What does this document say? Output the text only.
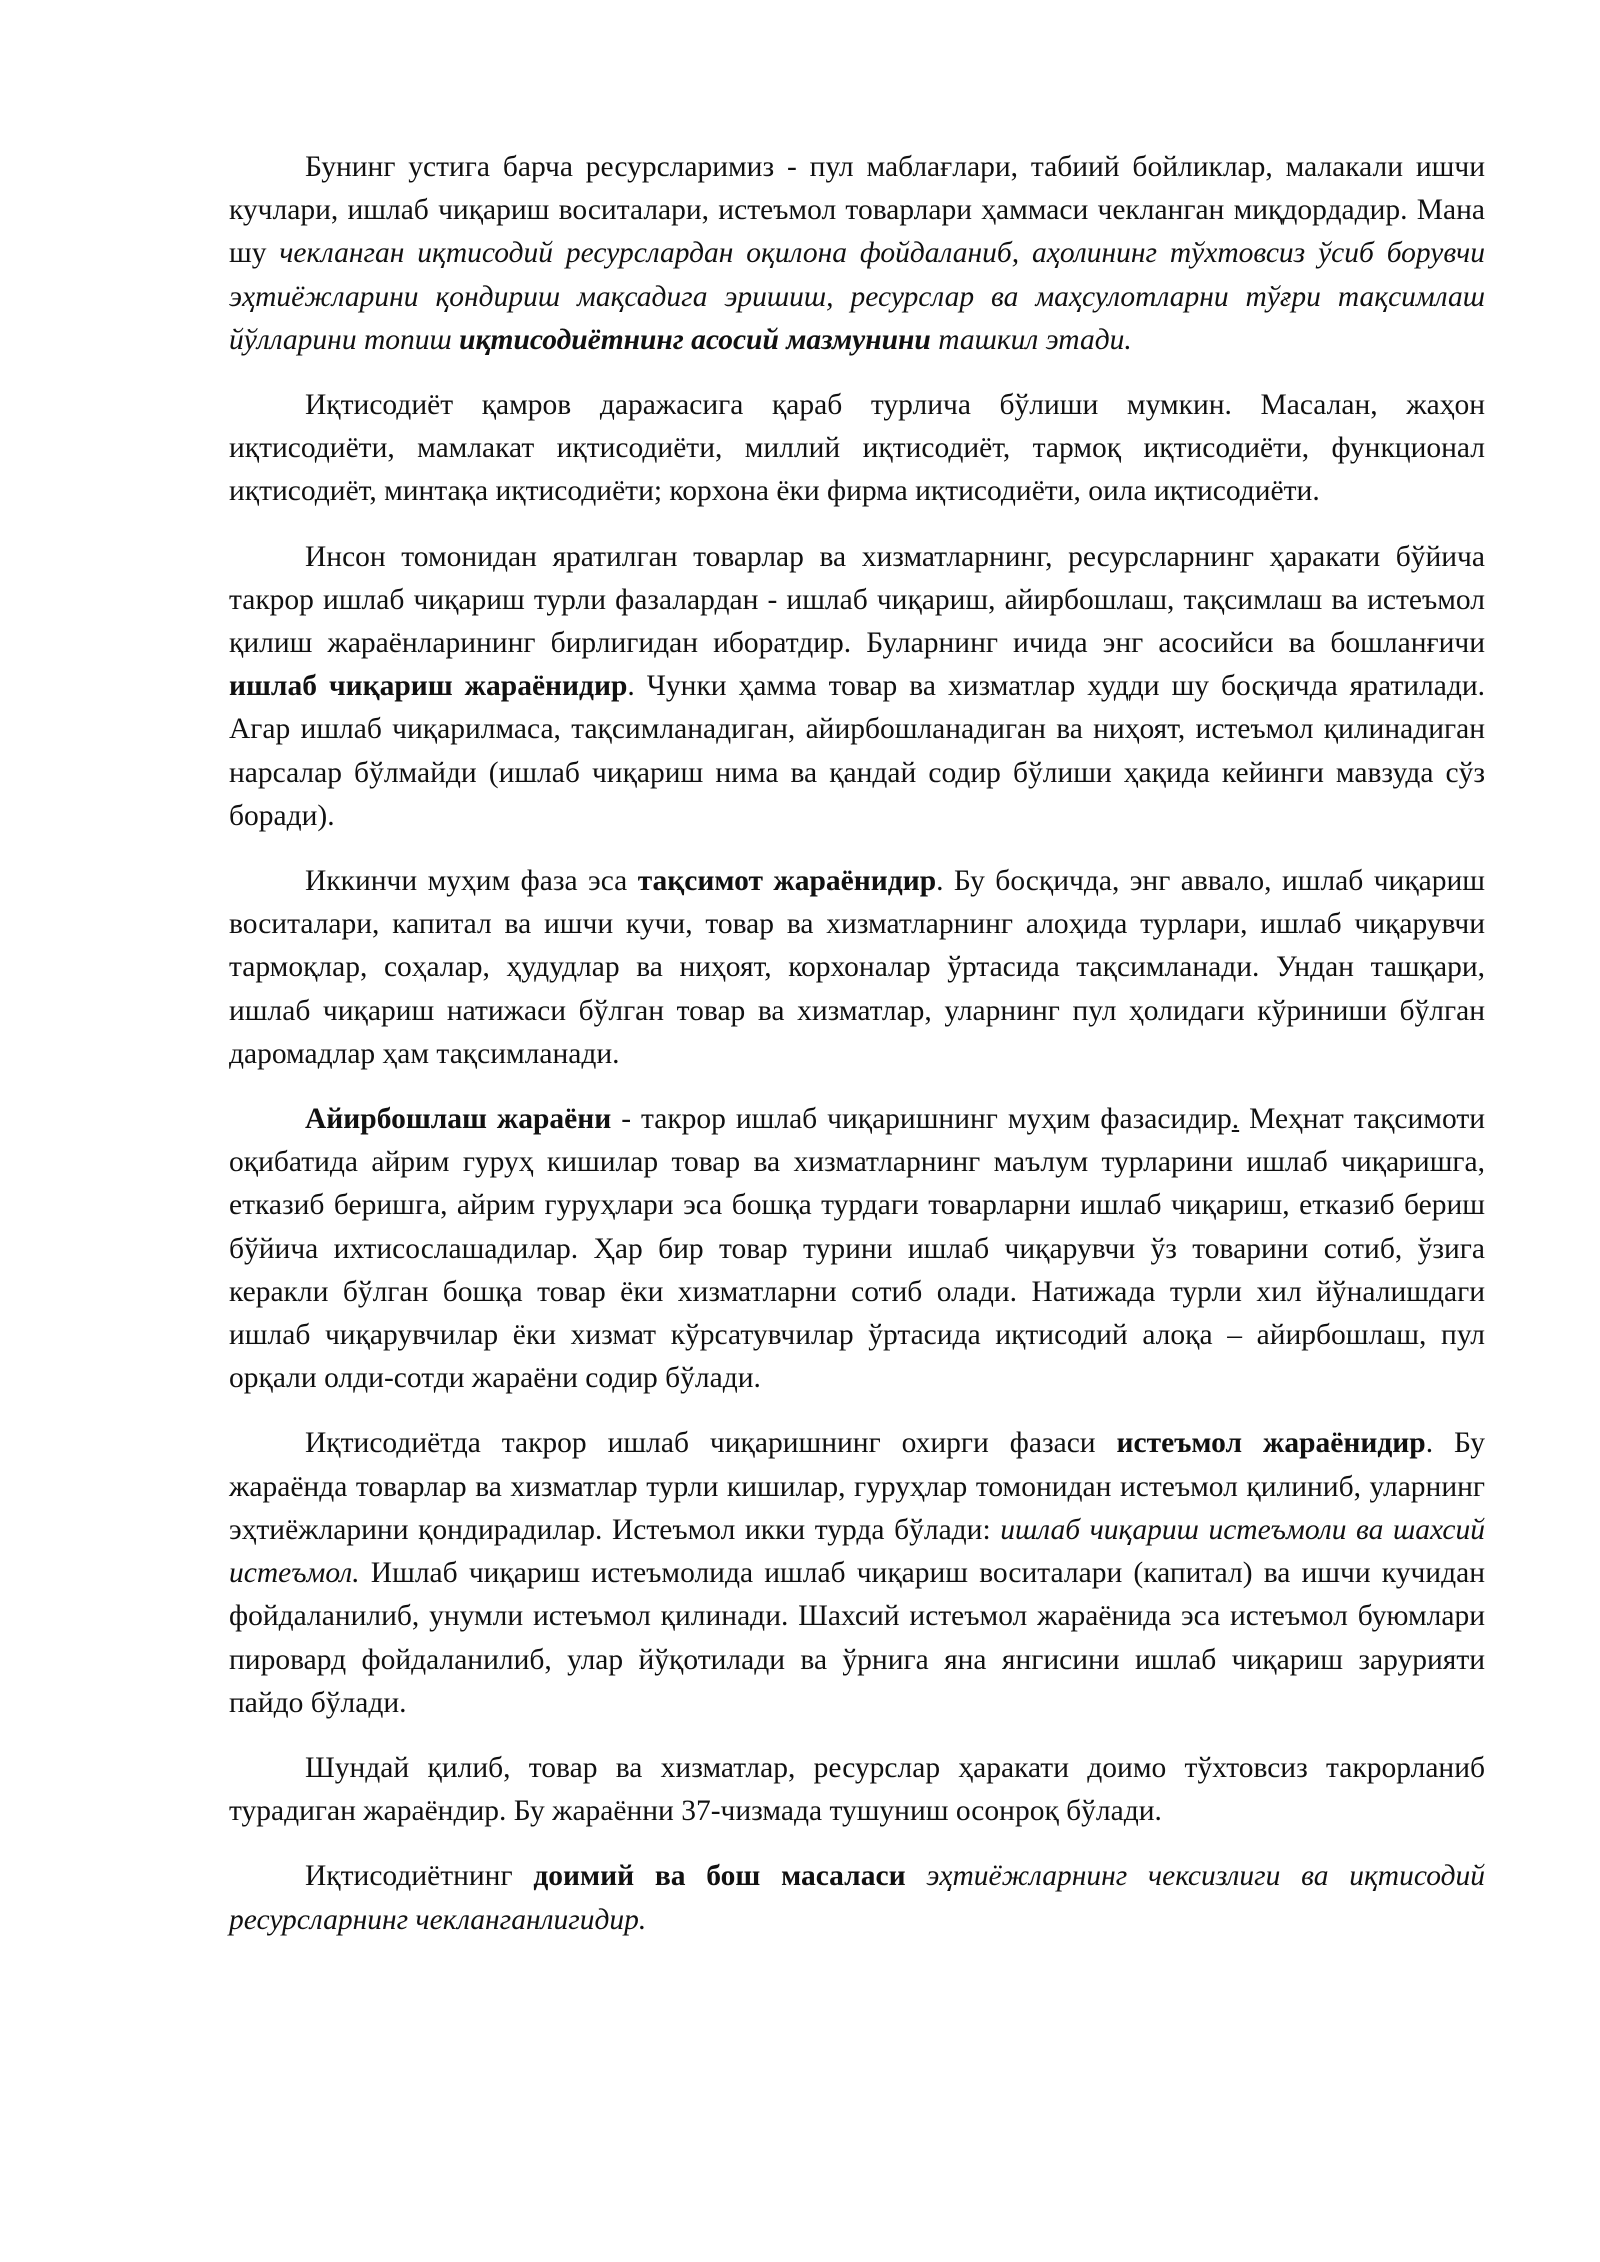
Бунинг устига барча ресурсларимиз - пул маблағлари, табиий бойликлар, малакали ишчи кучлари, ишлаб чиқариш воситалари, истеъмол товарлари ҳаммаси чекланган миқдордадир. Мана шу чекланган иқтисодий ресурслардан оқилона фойдаланиб, аҳолининг тўхтовсиз ўсиб борувчи эҳтиёжларини қондириш мақсадига эришиш, ресурслар ва маҳсулотларни тўғри тақсимлаш йўлларини топиш иқтисодиётнинг асосий мазмунини ташкил этади.

Иқтисодиёт қамров даражасига қараб турлича бўлиши мумкин. Масалан, жаҳон иқтисодиёти, мамлакат иқтисодиёти, миллий иқтисодиёт, тармоқ иқтисодиёти, функционал иқтисодиёт, минтақа иқтисодиёти; корхона ёки фирма иқтисодиёти, оила иқтисодиёти.

Инсон томонидан яратилган товарлар ва хизматларнинг, ресурсларнинг ҳаракати бўйича такрор ишлаб чиқариш турли фазалардан - ишлаб чиқариш, айирбошлаш, тақсимлаш ва истеъмол қилиш жараёнларининг бирлигидан иборатдир. Буларнинг ичида энг асосийси ва бошланғичи ишлаб чиқариш жараёнидир. Чунки ҳамма товар ва хизматлар худди шу босқичда яратилади. Агар ишлаб чиқарилмаса, тақсимланадиган, айирбошланадиган ва ниҳоят, истеъмол қилинадиган нарсалар бўлмайди (ишлаб чиқариш нима ва қандай содир бўлиши ҳақида кейинги мавзуда сўз боради).

Иккинчи муҳим фаза эса тақсимот жараёнидир. Бу босқичда, энг аввало, ишлаб чиқариш воситалари, капитал ва ишчи кучи, товар ва хизматларнинг алоҳида турлари, ишлаб чиқарувчи тармоқлар, соҳалар, ҳудудлар ва ниҳоят, корхоналар ўртасида тақсимланади. Ундан ташқари, ишлаб чиқариш натижаси бўлган товар ва хизматлар, уларнинг пул ҳолидаги кўриниши бўлган даромадлар ҳам тақсимланади.

Айирбошлаш жараёни - такрор ишлаб чиқаришнинг муҳим фазасидир. Меҳнат тақсимоти оқибатида айрим гуруҳ кишилар товар ва хизматларнинг маълум турларини ишлаб чиқаришга, етказиб беришга, айрим гуруҳлари эса бошқа турдаги товарларни ишлаб чиқариш, етказиб бериш бўйича ихтисослашадилар. Ҳар бир товар турини ишлаб чиқарувчи ўз товарини сотиб, ўзига керакли бўлган бошқа товар ёки хизматларни сотиб олади. Натижада турли хил йўналишдаги ишлаб чиқарувчилар ёки хизмат кўрсатувчилар ўртасида иқтисодий алоқа – айирбошлаш, пул орқали олди-сотди жараёни содир бўлади.

Иқтисодиётда такрор ишлаб чиқаришнинг охирги фазаси истеъмол жараёнидир. Бу жараёнда товарлар ва хизматлар турли кишилар, гуруҳлар томонидан истеъмол қилиниб, уларнинг эҳтиёжларини қондирадилар. Истеъмол икки турда бўлади: ишлаб чиқариш истеъмоли ва шахсий истеъмол. Ишлаб чиқариш истеъмолида ишлаб чиқариш воситалари (капитал) ва ишчи кучидан фойдаланилиб, унумли истеъмол қилинади. Шахсий истеъмол жараёнида эса истеъмол буюмлари пировард фойдаланилиб, улар йўқотилади ва ўрнига яна янгисини ишлаб чиқариш зарурияти пайдо бўлади.

Шундай қилиб, товар ва хизматлар, ресурслар ҳаракати доимо тўхтовсиз такрорланиб турадиган жараёндир. Бу жараённи 37-чизмада тушуниш осонроқ бўлади.

Иқтисодиётнинг доимий ва бош масаласи эҳтиёжларнинг чексизлиги ва иқтисодий ресурсларнинг чекланганлигидир.
